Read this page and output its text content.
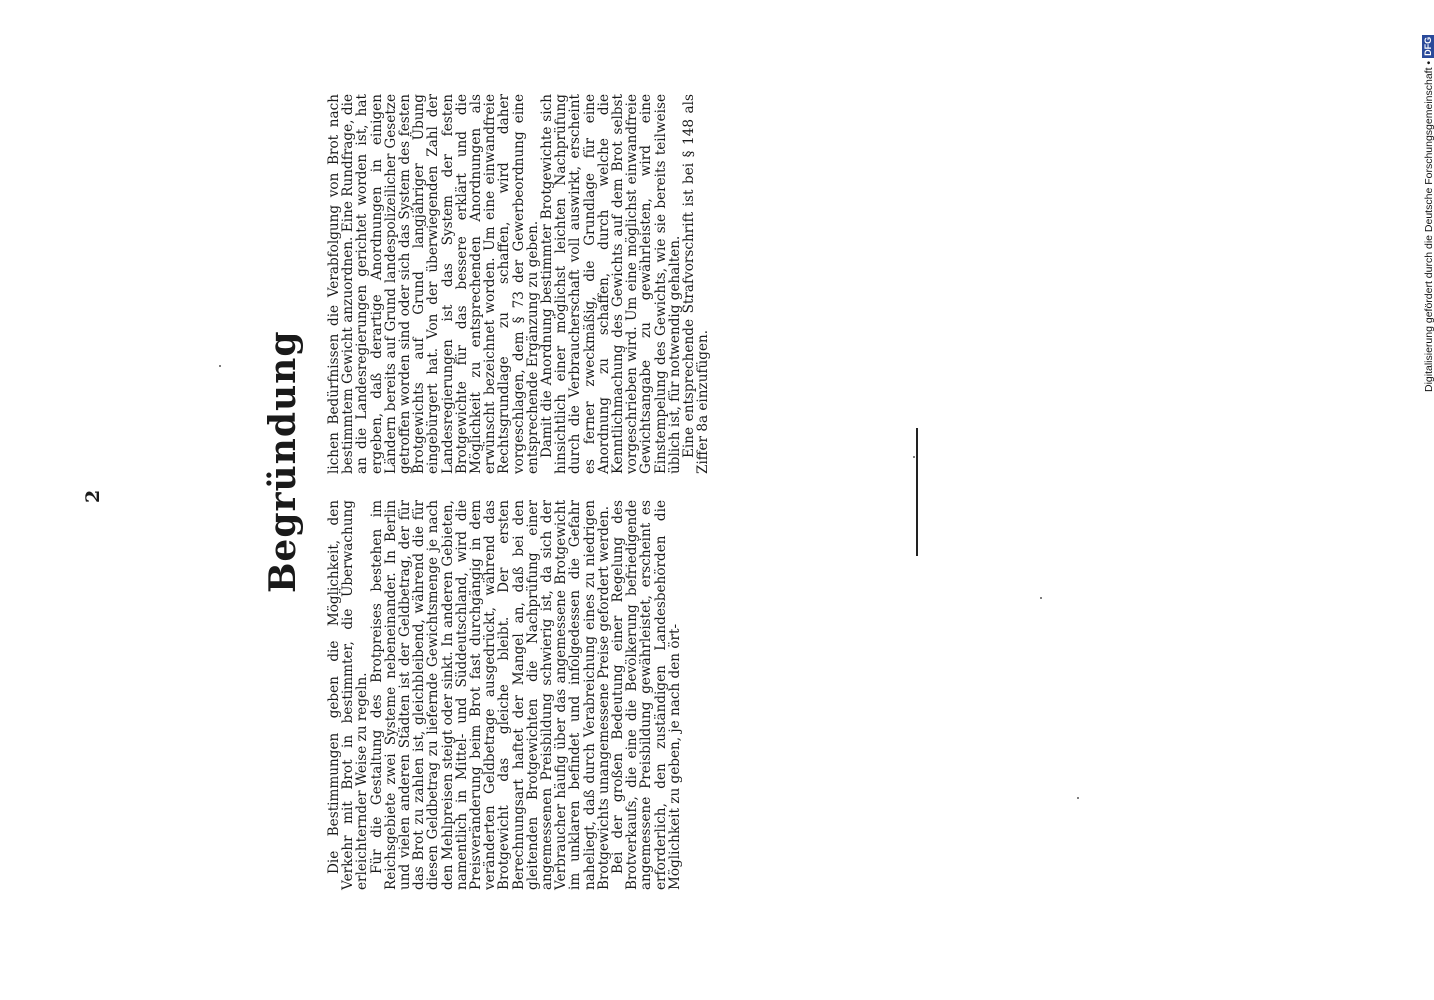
2	Begründung

Die Bestimmungen geben die Möglichkeit, den Verkehr mit Brot in bestimmter, die Überwachung erleichternder Weise zu regeln.

Für die Gestaltung des Brotpreises bestehen im Reichsgebiete zwei Systeme nebeneinander. In Berlin und vielen anderen Städten ist der Geldbetrag, der für das Brot zu zahlen ist, gleichbleibend, während die für diesen Geldbetrag zu liefernde Gewichtsmenge je nach den Mehlpreisen steigt oder sinkt. In anderen Gebieten, namentlich in Mittel- und Süddeutschland, wird die Preisveränderung beim Brot fast durchgängig in dem veränderten Geldbetrage ausgedrückt, während das Brotgewicht das gleiche bleibt. Der ersten Berechnungsart haftet der Mangel an, daß bei den gleitenden Brotgewichten die Nachprüfung einer angemessenen Preisbildung schwierig ist, da sich der Verbraucher häufig über das angemessene Brotgewicht im unklaren befindet und infolgedessen die Gefahr naheliegt, daß durch Verabreichung eines zu niedrigen Brotgewichts unangemessene Preise gefordert werden.

Bei der großen Bedeutung einer Regelung des Brotverkaufs, die eine die Bevölkerung befriedigende angemessene Preisbildung gewährleistet, erscheint es erforderlich, den zuständigen Landesbehörden die Möglichkeit zu geben, je nach den ört-

lichen Bedürfnissen die Verabfolgung von Brot nach bestimmtem Gewicht anzuordnen. Eine Rundfrage, die an die Landesregierungen gerichtet worden ist, hat ergeben, daß derartige Anordnungen in einigen Ländern bereits auf Grund landespolizeilicher Gesetze getroffen worden sind oder sich das System des festen Brotgewichts auf Grund langjähriger Übung eingebürgert hat. Von der überwiegenden Zahl der Landesregierungen ist das System der festen Brotgewichte für das bessere erklärt und die Möglichkeit zu entsprechenden Anordnungen als erwünscht bezeichnet worden. Um eine einwandfreie Rechtsgrundlage zu schaffen, wird daher vorgeschlagen, dem § 73 der Gewerbeordnung eine entsprechende Ergänzung zu geben.

Damit die Anordnung bestimmter Brotgewichte sich hinsichtlich einer möglichst leichten Nachprüfung durch die Verbraucherschaft voll auswirkt, erscheint es ferner zweckmäßig, die Grundlage für eine Anordnung zu schaffen, durch welche die Kenntlichmachung des Gewichts auf dem Brot selbst vorgeschrieben wird. Um eine möglichst einwandfreie Gewichtsangabe zu gewährleisten, wird eine Einstempelung des Gewichts, wie sie bereits teilweise üblich ist, für notwendig gehalten.

Eine entsprechende Strafvorschrift ist bei § 148 als Ziffer 8a einzufügen.

Digitalisierung gefördert durch die Deutsche Forschungsgemeinschaft •
DFG
